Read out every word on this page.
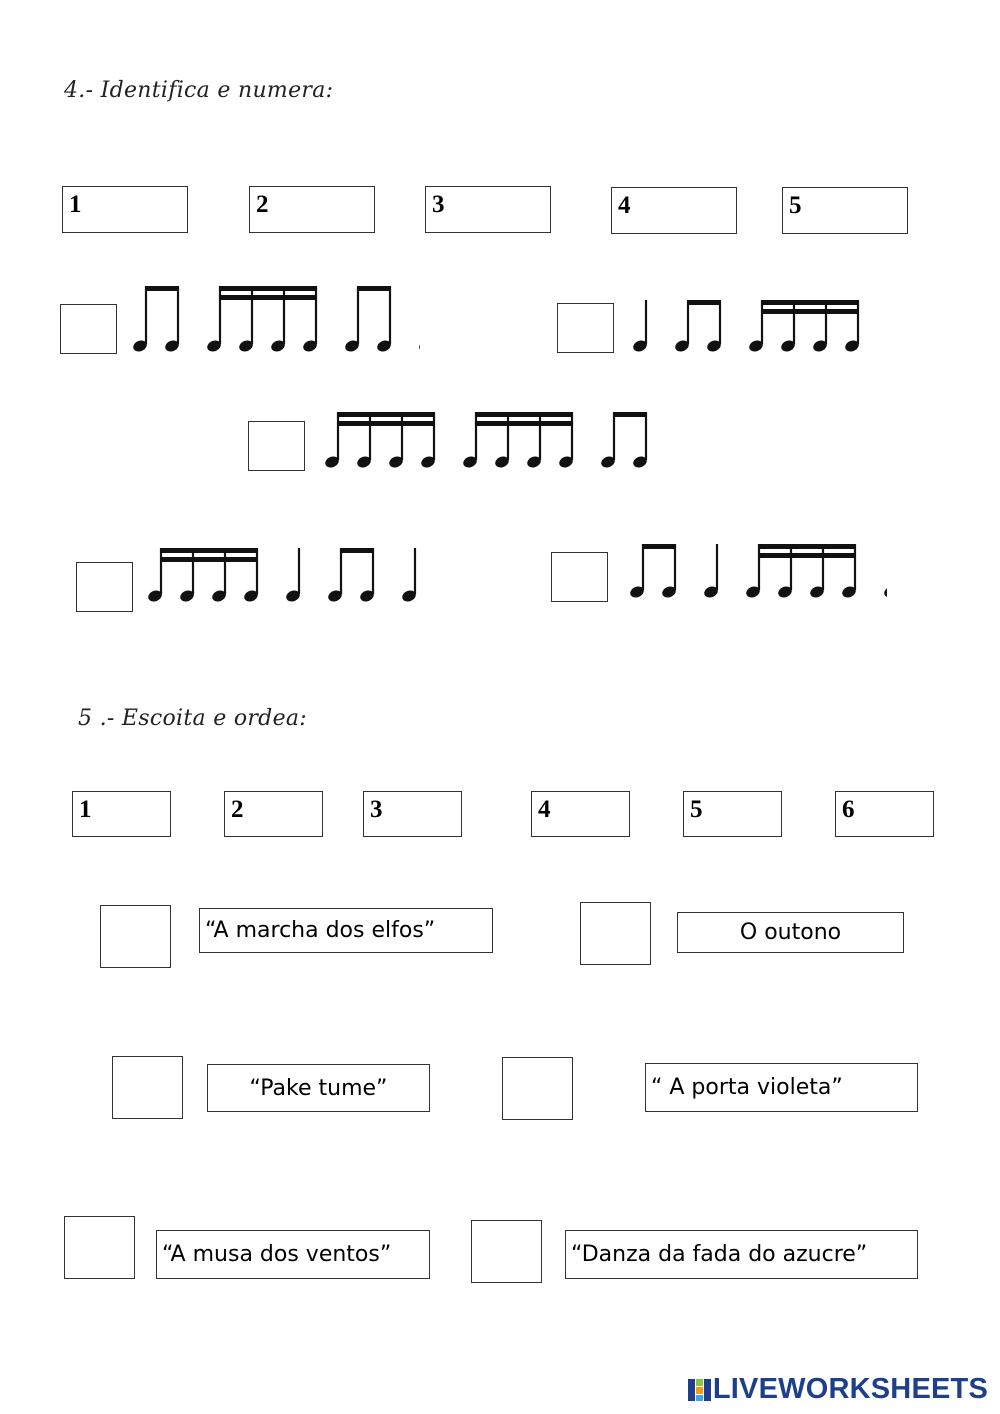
4.- Identifica e numera:
1	2	3	4	5
5 .- Escoita e ordea:
1	2	3	4	5	6
“A marcha dos elfos”	O outono
“Pake tume”	“ A porta violeta”
“A musa dos ventos”	“Danza da fada do azucre”
LIVEWORKSHEETS
